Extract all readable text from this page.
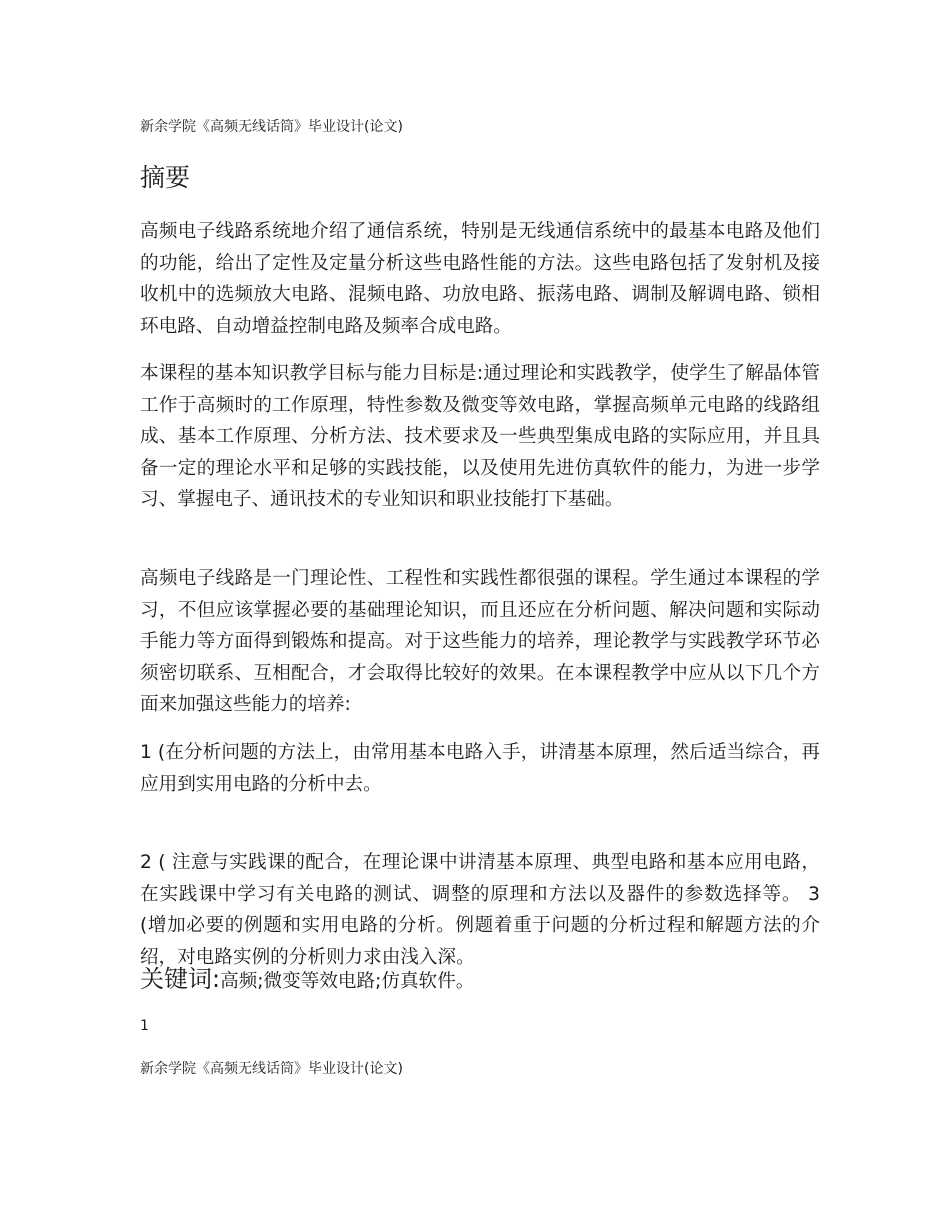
新余学院《高频无线话筒》毕业设计(论文)
摘要

高频电子线路系统地介绍了通信系统，特别是无线通信系统中的最基本电路及他们的功能，给出了定性及定量分析这些电路性能的方法。这些电路包括了发射机及接收机中的选频放大电路、混频电路、功放电路、振荡电路、调制及解调电路、锁相环电路、自动增益控制电路及频率合成电路。

本课程的基本知识教学目标与能力目标是:通过理论和实践教学，使学生了解晶体管工作于高频时的工作原理，特性参数及微变等效电路，掌握高频单元电路的线路组成、基本工作原理、分析方法、技术要求及一些典型集成电路的实际应用，并且具备一定的理论水平和足够的实践技能，以及使用先进仿真软件的能力，为进一步学习、掌握电子、通讯技术的专业知识和职业技能打下基础。

高频电子线路是一门理论性、工程性和实践性都很强的课程。学生通过本课程的学习，不但应该掌握必要的基础理论知识，而且还应在分析问题、解决问题和实际动手能力等方面得到锻炼和提高。对于这些能力的培养，理论教学与实践教学环节必须密切联系、互相配合，才会取得比较好的效果。在本课程教学中应从以下几个方面来加强这些能力的培养:

1 (在分析问题的方法上，由常用基本电路入手，讲清基本原理，然后适当综合，再应用到实用电路的分析中去。

2 ( 注意与实践课的配合，在理论课中讲清基本原理、典型电路和基本应用电路，在实践课中学习有关电路的测试、调整的原理和方法以及器件的参数选择等。 3 (增加必要的例题和实用电路的分析。例题着重于问题的分析过程和解题方法的介绍，对电路实例的分析则力求由浅入深。

关键词:高频;微变等效电路;仿真软件。
1
新余学院《高频无线话筒》毕业设计(论文)
